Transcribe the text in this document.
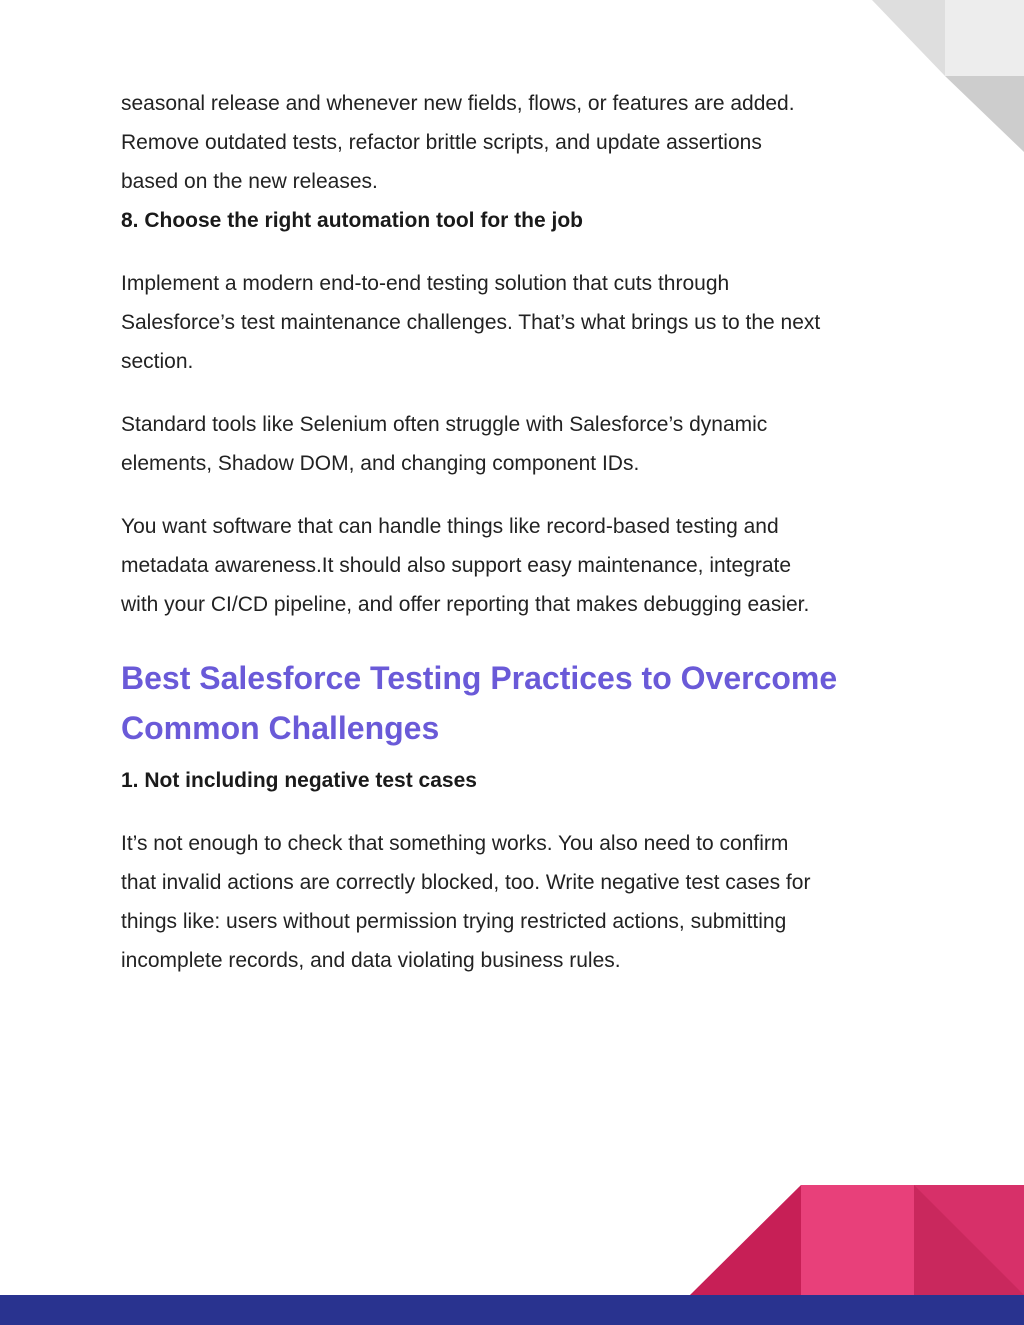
seasonal release and whenever new fields, flows, or features are added.
Remove outdated tests, refactor brittle scripts, and update assertions
based on the new releases.

8. Choose the right automation tool for the job

Implement a modern end-to-end testing solution that cuts through
Salesforce’s test maintenance challenges. That’s what brings us to the next
section.

Standard tools like Selenium often struggle with Salesforce’s dynamic
elements, Shadow DOM, and changing component IDs.

You want software that can handle things like record-based testing and
metadata awareness.It should also support easy maintenance, integrate
with your CI/CD pipeline, and offer reporting that makes debugging easier.

Best Salesforce Testing Practices to Overcome
Common Challenges
1. Not including negative test cases

It’s not enough to check that something works. You also need to confirm
that invalid actions are correctly blocked, too. Write negative test cases for
things like: users without permission trying restricted actions, submitting
incomplete records, and data violating business rules.
